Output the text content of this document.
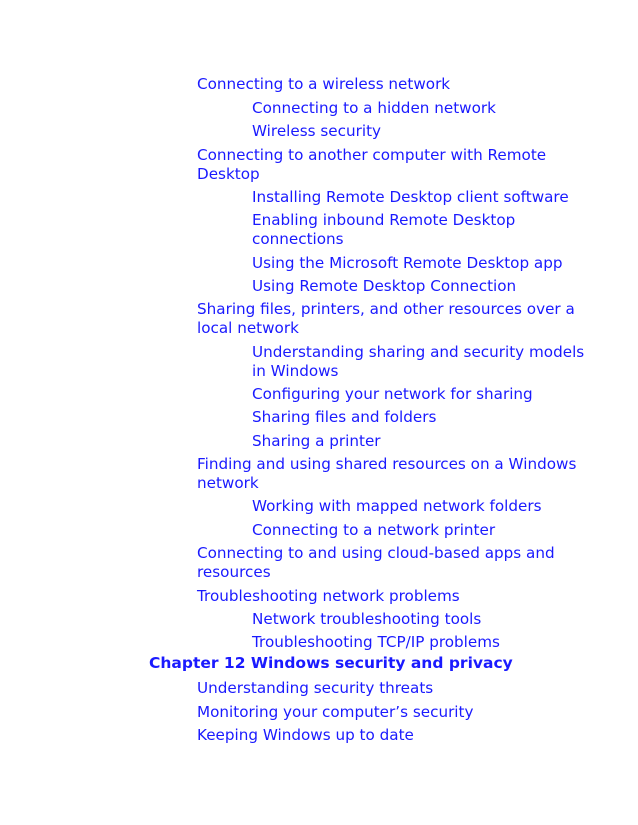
Connecting to a wireless network
Connecting to a hidden network
Wireless security
Connecting to another computer with Remote
Desktop
Installing Remote Desktop client software
Enabling inbound Remote Desktop
connections
Using the Microsoft Remote Desktop app
Using Remote Desktop Connection
Sharing files, printers, and other resources over a
local network
Understanding sharing and security models
in Windows
Configuring your network for sharing
Sharing files and folders
Sharing a printer
Finding and using shared resources on a Windows
network
Working with mapped network folders
Connecting to a network printer
Connecting to and using cloud-based apps and
resources
Troubleshooting network problems
Network troubleshooting tools
Troubleshooting TCP/IP problems
Chapter 12 Windows security and privacy
Understanding security threats
Monitoring your computer’s security
Keeping Windows up to date
